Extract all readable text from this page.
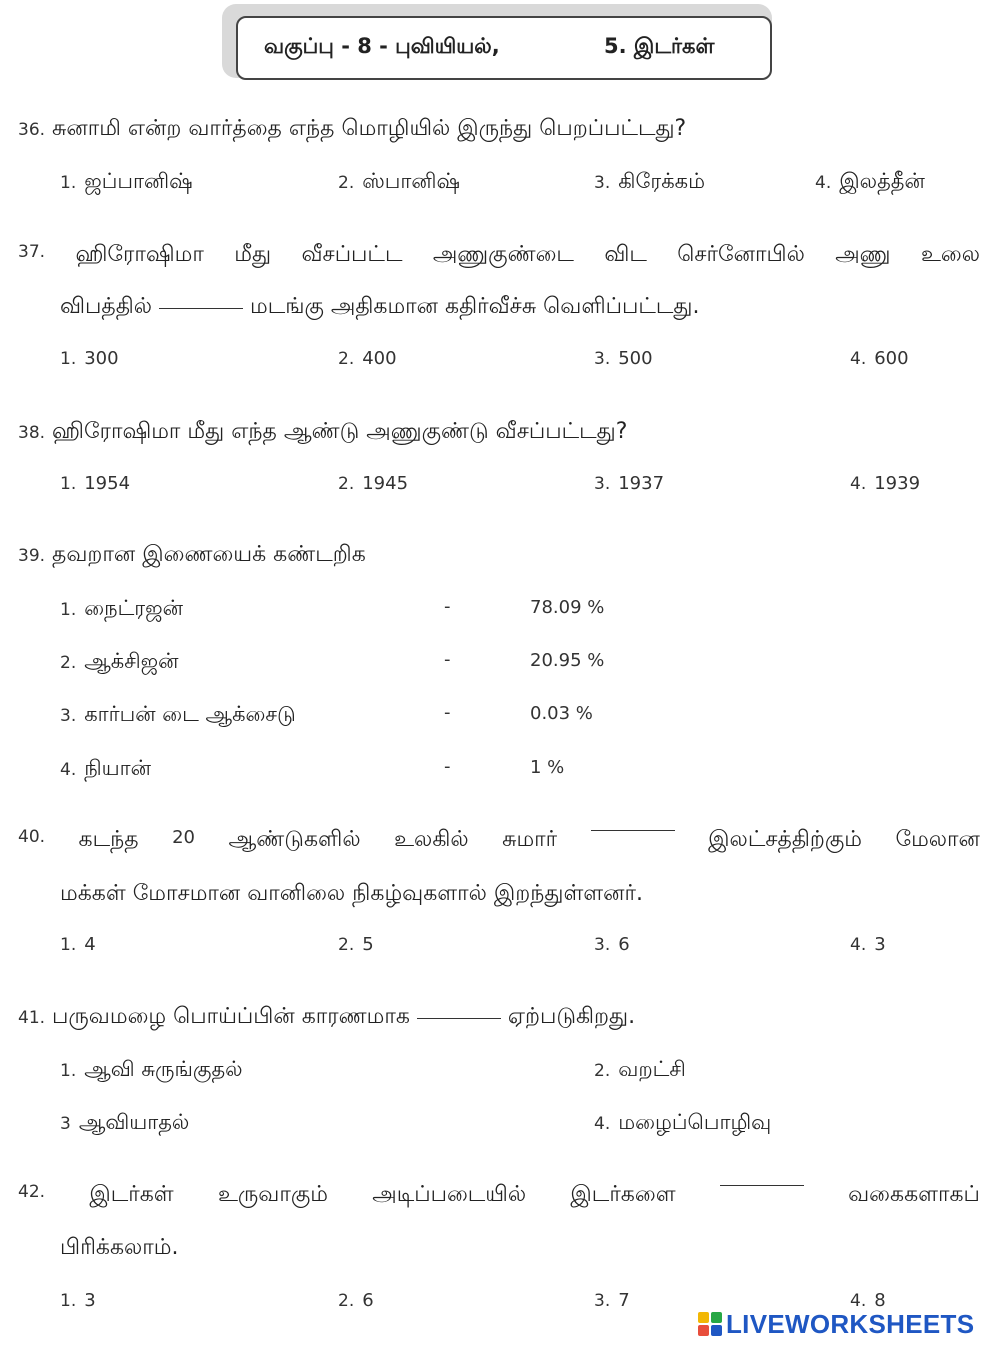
வகுப்பு - 8 - புவியியல்,	5. இடர்கள்
36. சுனாமி என்ற வார்த்தை எந்த மொழியில் இருந்து பெறப்பட்டது?
1. ஜப்பானிஷ்	2. ஸ்பானிஷ்	3. கிரேக்கம்	4. இலத்தீன்
37. ஹிரோஷிமா மீது வீசப்பட்ட அணுகுண்டை விட செர்னோபில் அணு உலை
விபத்தில்	மடங்கு அதிகமான கதிர்வீச்சு வெளிப்பட்டது.
1. 300	2. 400	3. 500	4. 600
38. ஹிரோஷிமா மீது எந்த ஆண்டு அணுகுண்டு வீசப்பட்டது?
1. 1954	2. 1945	3. 1937	4. 1939
39. தவறான இணையைக் கண்டறிக
1. நைட்ரஜன்	-	78.09 %
2. ஆக்சிஜன்	-	20.95 %
3. கார்பன் டை ஆக்சைடு	-	0.03 %
4. நியான்	-	1 %
40. கடந்த 20 ஆண்டுகளில் உலகில் சுமார்	இலட்சத்திற்கும் மேலான
மக்கள் மோசமான வானிலை நிகழ்வுகளால் இறந்துள்ளனர்.
1. 4	2. 5	3. 6	4. 3
41. பருவமழை பொய்ப்பின் காரணமாக	ஏற்படுகிறது.
1. ஆவி சுருங்குதல்	2. வறட்சி
3 ஆவியாதல்	4. மழைப்பொழிவு
42. இடர்கள் உருவாகும் அடிப்படையில் இடர்களை	வகைகளாகப்
பிரிக்கலாம்.
1. 3	2. 6	3. 7	4. 8
LIVEWORKSHEETS
